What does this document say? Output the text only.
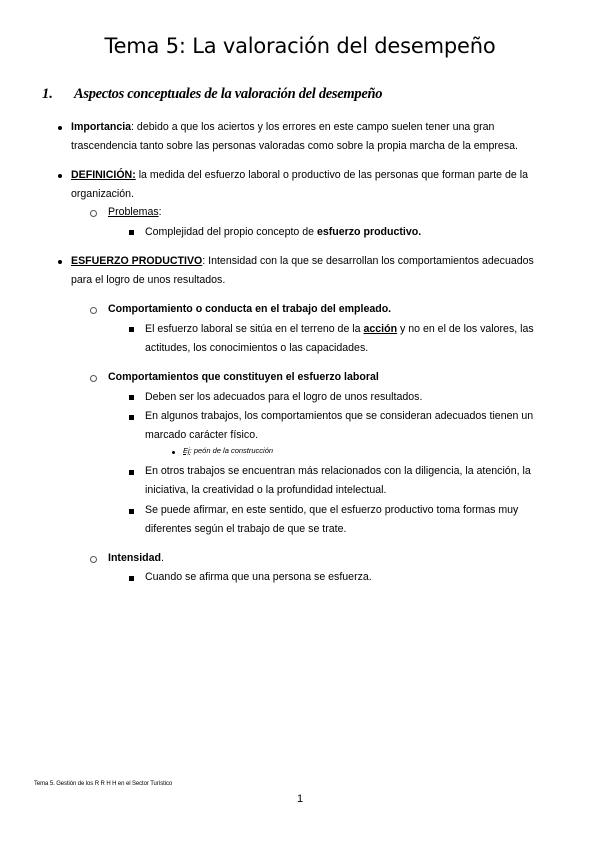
Tema 5: La valoración del desempeño
1. Aspectos conceptuales de la valoración del desempeño
Importancia: debido a que los aciertos y los errores en este campo suelen tener una gran
trascendencia tanto sobre las personas valoradas como sobre la propia marcha de la empresa.
DEFINICIÓN: la medida del esfuerzo laboral o productivo de las personas que forman parte de la
organización.
Problemas:
Complejidad del propio concepto de esfuerzo productivo.
ESFUERZO PRODUCTIVO: Intensidad con la que se desarrollan los comportamientos adecuados
para el logro de unos resultados.
Comportamiento o conducta en el trabajo del empleado.
El esfuerzo laboral se sitúa en el terreno de la acción y no en el de los valores, las
actitudes, los conocimientos o las capacidades.
Comportamientos que constituyen el esfuerzo laboral
Deben ser los adecuados para el logro de unos resultados.
En algunos trabajos, los comportamientos que se consideran adecuados tienen un
marcado carácter físico.
Ej: peón de la construcción
En otros trabajos se encuentran más relacionados con la diligencia, la atención, la
iniciativa, la creatividad o la profundidad intelectual.
Se puede afirmar, en este sentido, que el esfuerzo productivo toma formas muy
diferentes según el trabajo de que se trate.
Intensidad.
Cuando se afirma que una persona se esfuerza.
Tema 5. Gestión de los R R H H en el Sector Turístico
1
